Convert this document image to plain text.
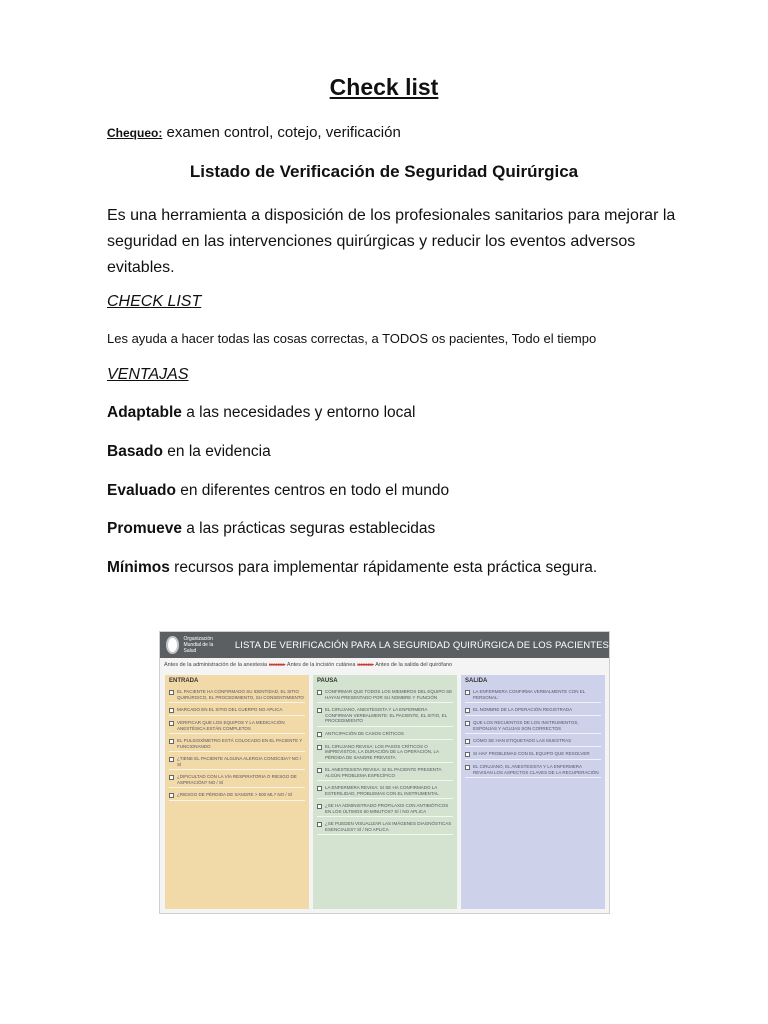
Check list

Chequeo: examen control, cotejo, verificación

Listado de Verificación de Seguridad Quirúrgica

Es una herramienta a disposición de los profesionales sanitarios para mejorar la seguridad en las intervenciones quirúrgicas y reducir los eventos adversos evitables.

CHECK LIST
Les ayuda a hacer todas las cosas correctas, a TODOS os pacientes, Todo el tiempo
VENTAJAS
Adaptable a las necesidades y entorno local
Basado en la evidencia
Evaluado en diferentes centros en todo el mundo
Promueve a las prácticas seguras establecidas
Mínimos recursos para implementar rápidamente esta práctica segura.
Organización Mundial de la Salud
LISTA DE VERIFICACIÓN PARA LA SEGURIDAD QUIRÚRGICA DE LOS PACIENTES
Antes de la administración de la anestesia ▸▸▸▸▸▸▸▸▸ Antes de la incisión cutánea ▸▸▸▸▸▸▸▸▸ Antes de la salida del quirófano
ENTRADA
EL PACIENTE HA CONFIRMADO SU IDENTIDAD, EL SITIO QUIRÚRGICO, EL PROCEDIMIENTO, SU CONSENTIMIENTO
MARCADO EN EL SITIO DEL CUERPO NO APLICA
VERIFICAR QUE LOS EQUIPOS Y LA MEDICACIÓN ANESTÉSICA ESTÁN COMPLETOS
EL PULSIOXÍMETRO ESTÁ COLOCADO EN EL PACIENTE Y FUNCIONANDO
¿TIENE EL PACIENTE ALGUNA ALERGIA CONOCIDA? NO / SÍ
¿DIFICULTAD CON LA VÍA RESPIRATORIA O RIESGO DE ASPIRACIÓN? NO / SÍ
¿RIESGO DE PÉRDIDA DE SANGRE > 500 ML? NO / SÍ
PAUSA
CONFIRMAR QUE TODOS LOS MIEMBROS DEL EQUIPO SE HAYAN PRESENTADO POR SU NOMBRE Y FUNCIÓN
EL CIRUJANO, ANESTESISTA Y LA ENFERMERA CONFIRMAN VERBALMENTE: EL PACIENTE, EL SITIO, EL PROCEDIMIENTO
ANTICIPACIÓN DE CASOS CRÍTICOS
EL CIRUJANO REVISA: LOS PASOS CRÍTICOS O IMPREVISTOS, LA DURACIÓN DE LA OPERACIÓN, LA PÉRDIDA DE SANGRE PREVISTA
EL ANESTESISTA REVISA: SI EL PACIENTE PRESENTA ALGÚN PROBLEMA ESPECÍFICO
LA ENFERMERA REVISA: SI SE HA CONFIRMADO LA ESTERILIDAD, PROBLEMAS CON EL INSTRUMENTAL
¿SE HA ADMINISTRADO PROFILAXIS CON ANTIBIÓTICOS EN LOS ÚLTIMOS 60 MINUTOS? SÍ / NO APLICA
¿SE PUEDEN VISUALIZAR LAS IMÁGENES DIAGNÓSTICAS ESENCIALES? SÍ / NO APLICA
SALIDA
LA ENFERMERA CONFIRMA VERBALMENTE CON EL PERSONAL:
EL NOMBRE DE LA OPERACIÓN REGISTRADA
QUE LOS RECUENTOS DE LOS INSTRUMENTOS, ESPONJAS Y AGUJAS SON CORRECTOS
CÓMO SE HAN ETIQUETADO LAS MUESTRAS
SI HAY PROBLEMAS CON EL EQUIPO QUE RESOLVER
EL CIRUJANO, EL ANESTESISTA Y LA ENFERMERA REVISAN LOS ASPECTOS CLAVES DE LA RECUPERACIÓN
